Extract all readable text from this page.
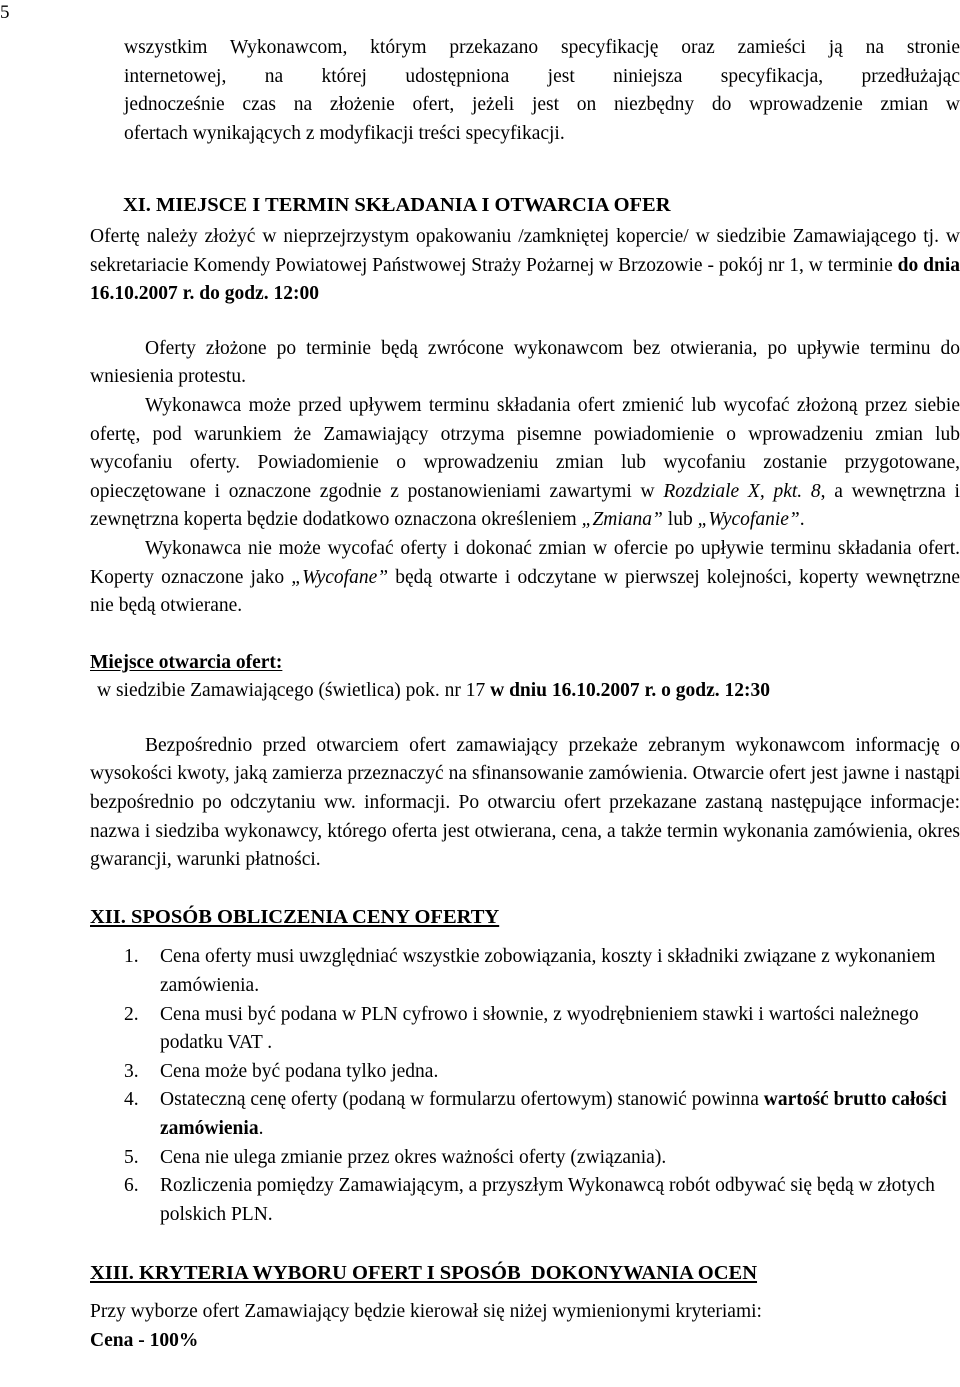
5

wszystkim Wykonawcom, którym przekazano specyfikację oraz zamieści ją na stronie

internetowej, na której udostępniona jest niniejsza specyfikacja, przedłużając

jednocześnie czas na złożenie ofert, jeżeli jest on niezbędny do wprowadzenie zmian w

ofertach wynikających z modyfikacji treści specyfikacji.

XI. MIEJSCE I TERMIN SKŁADANIA I OTWARCIA OFER

Ofertę należy złożyć w nieprzejrzystym opakowaniu /zamkniętej kopercie/ w siedzibie Zamawiającego tj. w sekretariacie Komendy Powiatowej Państwowej Straży Pożarnej w Brzozowie - pokój nr 1, w terminie do dnia 16.10.2007 r. do godz. 12:00

Oferty złożone po terminie będą zwrócone wykonawcom bez otwierania, po upływie terminu do wniesienia protestu.

Wykonawca może przed upływem terminu składania ofert zmienić lub wycofać złożoną przez siebie ofertę, pod warunkiem że Zamawiający otrzyma pisemne powiadomienie o wprowadzeniu zmian lub wycofaniu oferty. Powiadomienie o wprowadzeniu zmian lub wycofaniu zostanie przygotowane, opieczętowane i oznaczone zgodnie z postanowieniami zawartymi w Rozdziale X, pkt. 8, a wewnętrzna i zewnętrzna koperta będzie dodatkowo oznaczona określeniem „Zmiana” lub „Wycofanie”.

Wykonawca nie może wycofać oferty i dokonać zmian w ofercie po upływie terminu składania ofert. Koperty oznaczone jako „Wycofane” będą otwarte i odczytane w pierwszej kolejności, koperty wewnętrzne nie będą otwierane.

Miejsce otwarcia ofert:

w siedzibie Zamawiającego (świetlica) pok. nr 17 w dniu 16.10.2007 r. o godz. 12:30

Bezpośrednio przed otwarciem ofert zamawiający przekaże zebranym wykonawcom informację o wysokości kwoty, jaką zamierza przeznaczyć na sfinansowanie zamówienia. Otwarcie ofert jest jawne i nastąpi bezpośrednio po odczytaniu ww. informacji. Po otwarciu ofert przekazane zastaną następujące informacje: nazwa i siedziba wykonawcy, którego oferta jest otwierana, cena, a także termin wykonania zamówienia, okres gwarancji, warunki płatności.

XII. SPOSÓB OBLICZENIA CENY OFERTY

1. Cena oferty musi uwzględniać wszystkie zobowiązania, koszty i składniki związane z wykonaniem zamówienia.
2. Cena musi być podana w PLN cyfrowo i słownie, z wyodrębnieniem stawki i wartości należnego podatku VAT .
3. Cena może być podana tylko jedna.
4. Ostateczną cenę oferty (podaną w formularzu ofertowym) stanowić powinna wartość brutto całości zamówienia.
5. Cena nie ulega zmianie przez okres ważności oferty (związania).
6. Rozliczenia pomiędzy Zamawiającym, a przyszłym Wykonawcą robót odbywać się będą w złotych polskich PLN.

XIII. KRYTERIA WYBORU OFERT I SPOSÓB  DOKONYWANIA OCEN

Przy wyborze ofert Zamawiający będzie kierował się niżej wymienionymi kryteriami:

Cena - 100%
